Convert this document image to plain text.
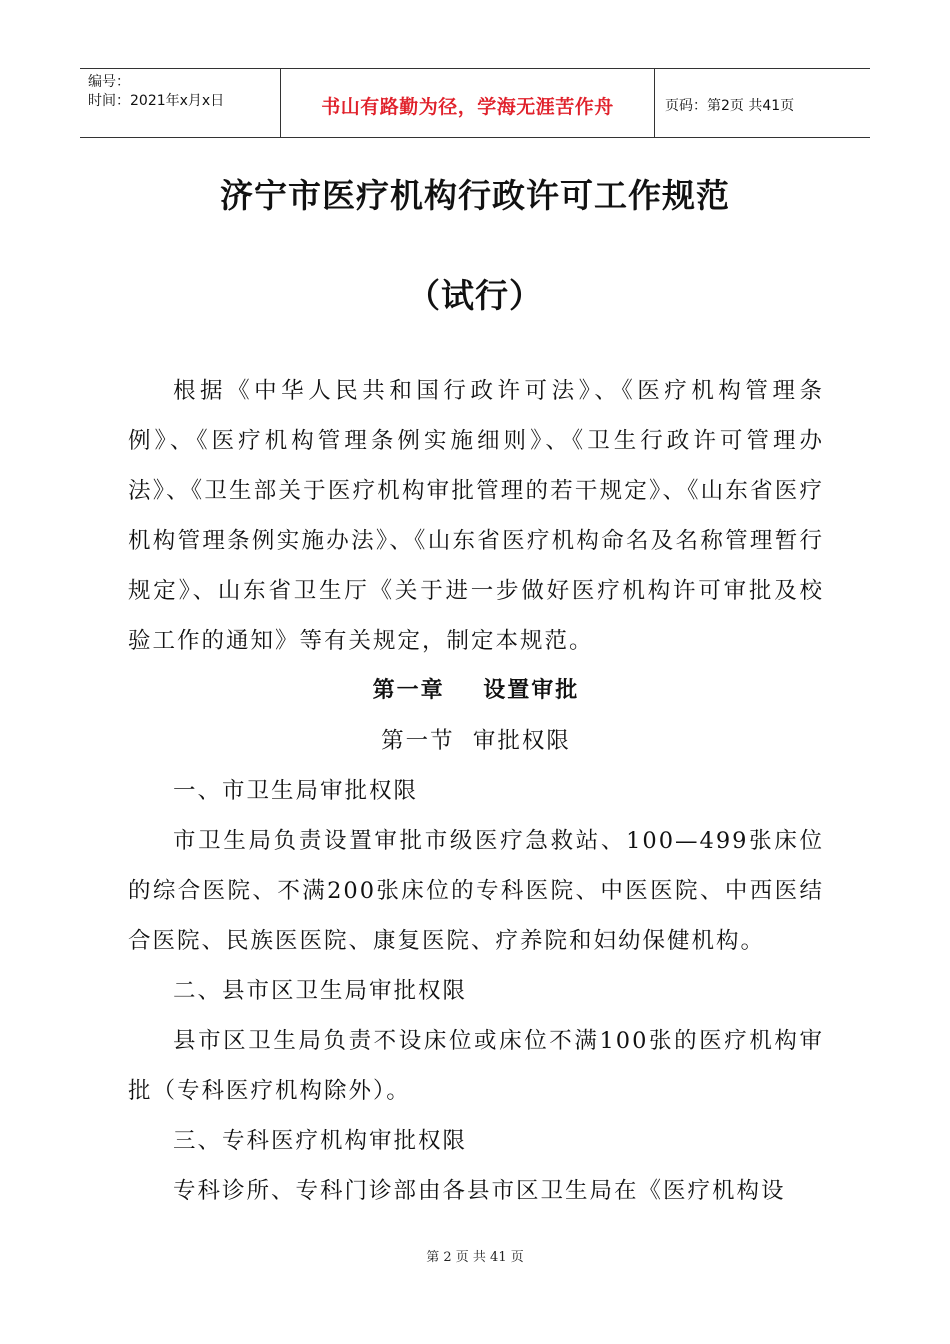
编号：
时间：2021年x月x日	书山有路勤为径，学海无涯苦作舟	页码：第2页 共41页
济宁市医疗机构行政许可工作规范
（试行）

根据《中华人民共和国行政许可法》、《医疗机构管理条例》、《医疗机构管理条例实施细则》、《卫生行政许可管理办法》、《卫生部关于医疗机构审批管理的若干规定》、《山东省医疗机构管理条例实施办法》、《山东省医疗机构命名及名称管理暂行规定》、山东省卫生厅《关于进一步做好医疗机构许可审批及校验工作的通知》等有关规定，制定本规范。

第一章    设置审批

第一节  审批权限

一、市卫生局审批权限

市卫生局负责设置审批市级医疗急救站、100—499张床位的综合医院、不满200张床位的专科医院、中医医院、中西医结合医院、民族医医院、康复医院、疗养院和妇幼保健机构。

二、县市区卫生局审批权限

县市区卫生局负责不设床位或床位不满100张的医疗机构审批（专科医疗机构除外）。

三、专科医疗机构审批权限

专科诊所、专科门诊部由各县市区卫生局在《医疗机构设

第 2 页 共 41 页
